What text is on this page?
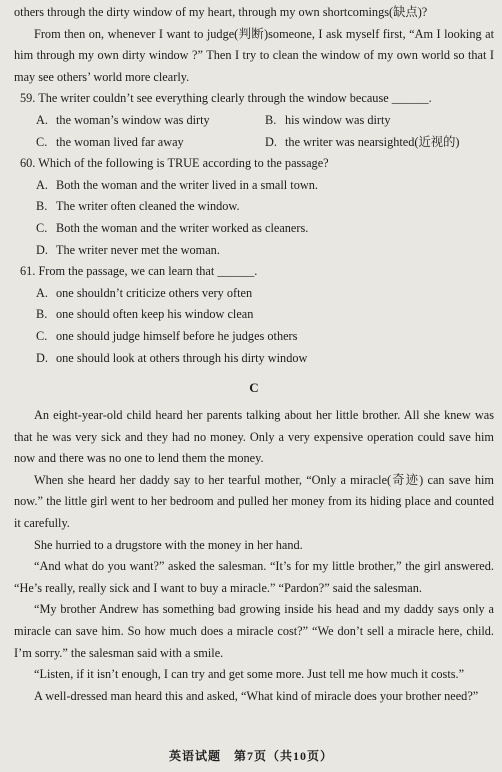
others through the dirty window of my heart, through my own shortcomings(缺点)?

From then on, whenever I want to judge(判断)someone, I ask myself first, “Am I looking at him through my own dirty window ?” Then I try to clean the window of my own world so that I may see others’ world more clearly.

59. The writer couldn’t see everything clearly through the window because ______.
A. the woman’s window was dirty	B. his window was dirty
C. the woman lived far away	D. the writer was nearsighted(近视的)
60. Which of the following is TRUE according to the passage?
A. Both the woman and the writer lived in a small town.
B. The writer often cleaned the window.
C. Both the woman and the writer worked as cleaners.
D. The writer never met the woman.
61. From the passage, we can learn that ______.
A. one shouldn’t criticize others very often
B. one should often keep his window clean
C. one should judge himself before he judges others
D. one should look at others through his dirty window
C

An eight-year-old child heard her parents talking about her little brother. All she knew was that he was very sick and they had no money. Only a very expensive operation could save him now and there was no one to lend them the money.

When she heard her daddy say to her tearful mother, “Only a miracle(奇迹) can save him now.” the little girl went to her bedroom and pulled her money from its hiding place and counted it carefully.

She hurried to a drugstore with the money in her hand.

“And what do you want?” asked the salesman. “It’s for my little brother,” the girl answered. “He’s really, really sick and I want to buy a miracle.” “Pardon?” said the salesman.

“My brother Andrew has something bad growing inside his head and my daddy says only a miracle can save him. So how much does a miracle cost?” “We don’t sell a miracle here, child. I’m sorry.” the salesman said with a smile.

“Listen, if it isn’t enough, I can try and get some more. Just tell me how much it costs.”

A well-dressed man heard this and asked, “What kind of miracle does your brother need?”

英语试题　第7页（共10页）
